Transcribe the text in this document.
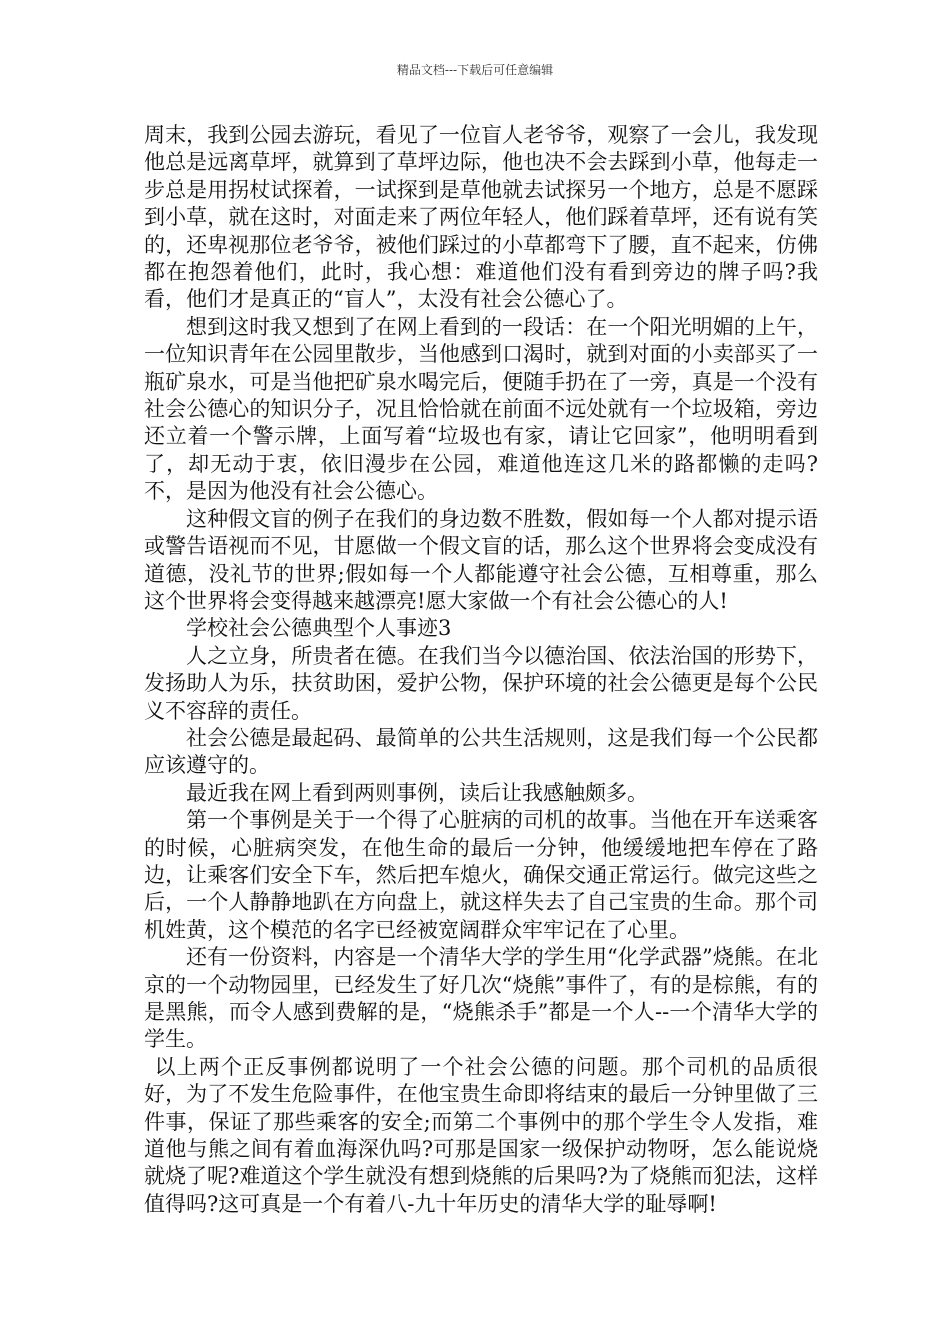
精品文档---下载后可任意编辑

周末，我到公园去游玩，看见了一位盲人老爷爷，观察了一会儿，我发现他总是远离草坪，就算到了草坪边际，他也决不会去踩到小草，他每走一步总是用拐杖试探着，一试探到是草他就去试探另一个地方，总是不愿踩到小草，就在这时，对面走来了两位年轻人，他们踩着草坪，还有说有笑的，还卑视那位老爷爷，被他们踩过的小草都弯下了腰，直不起来，仿佛都在抱怨着他们，此时，我心想：难道他们没有看到旁边的牌子吗?我看，他们才是真正的“盲人”，太没有社会公德心了。

想到这时我又想到了在网上看到的一段话：在一个阳光明媚的上午，一位知识青年在公园里散步，当他感到口渴时，就到对面的小卖部买了一瓶矿泉水，可是当他把矿泉水喝完后，便随手扔在了一旁，真是一个没有社会公德心的知识分子，况且恰恰就在前面不远处就有一个垃圾箱，旁边还立着一个警示牌，上面写着“垃圾也有家，请让它回家”，他明明看到了，却无动于衷，依旧漫步在公园，难道他连这几米的路都懒的走吗?不，是因为他没有社会公德心。

这种假文盲的例子在我们的身边数不胜数，假如每一个人都对提示语或警告语视而不见，甘愿做一个假文盲的话，那么这个世界将会变成没有道德，没礼节的世界;假如每一个人都能遵守社会公德，互相尊重，那么这个世界将会变得越来越漂亮!愿大家做一个有社会公德心的人!

学校社会公德典型个人事迹3

人之立身，所贵者在德。在我们当今以德治国、依法治国的形势下，发扬助人为乐，扶贫助困，爱护公物，保护环境的社会公德更是每个公民义不容辞的责任。

社会公德是最起码、最简单的公共生活规则，这是我们每一个公民都应该遵守的。

最近我在网上看到两则事例，读后让我感触颇多。

第一个事例是关于一个得了心脏病的司机的故事。当他在开车送乘客的时候，心脏病突发，在他生命的最后一分钟，他缓缓地把车停在了路边，让乘客们安全下车，然后把车熄火，确保交通正常运行。做完这些之后，一个人静静地趴在方向盘上，就这样失去了自己宝贵的生命。那个司机姓黄，这个模范的名字已经被宽阔群众牢牢记在了心里。

还有一份资料，内容是一个清华大学的学生用“化学武器”烧熊。在北京的一个动物园里，已经发生了好几次“烧熊”事件了，有的是棕熊，有的是黑熊，而令人感到费解的是，“烧熊杀手”都是一个人--一个清华大学的学生。

以上两个正反事例都说明了一个社会公德的问题。那个司机的品质很好，为了不发生危险事件，在他宝贵生命即将结束的最后一分钟里做了三件事，保证了那些乘客的安全;而第二个事例中的那个学生令人发指，难道他与熊之间有着血海深仇吗?可那是国家一级保护动物呀，怎么能说烧就烧了呢?难道这个学生就没有想到烧熊的后果吗?为了烧熊而犯法，这样值得吗?这可真是一个有着八-九十年历史的清华大学的耻辱啊!
